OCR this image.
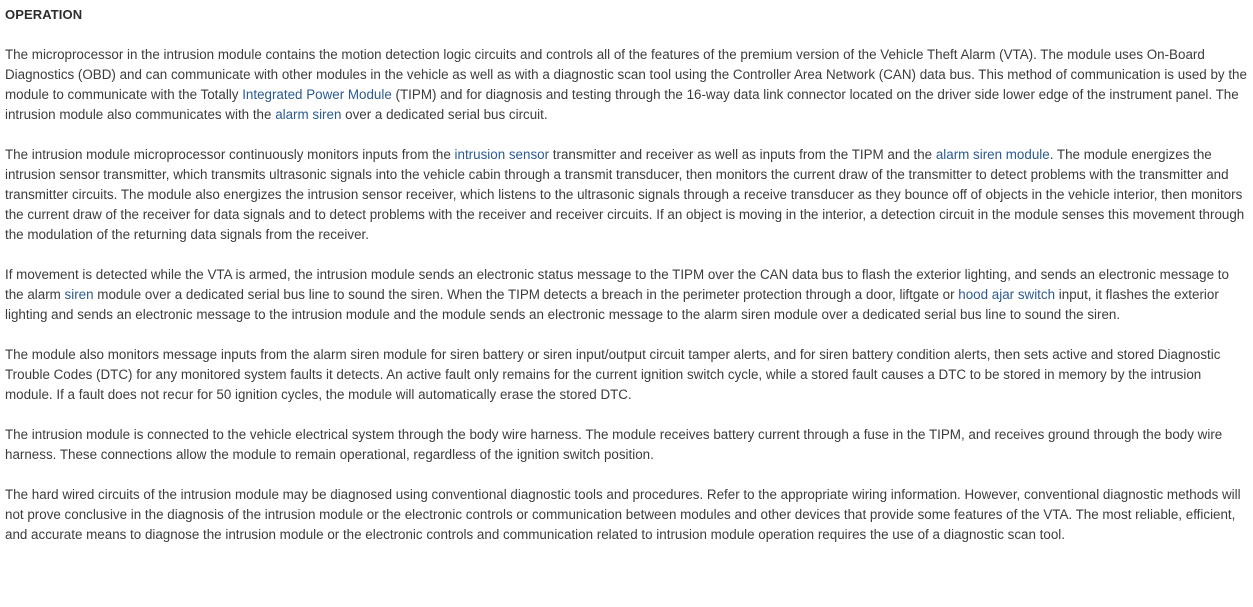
OPERATION

The microprocessor in the intrusion module contains the motion detection logic circuits and controls all of the features of the premium version of the Vehicle Theft Alarm (VTA). The module uses On-Board Diagnostics (OBD) and can communicate with other modules in the vehicle as well as with a diagnostic scan tool using the Controller Area Network (CAN) data bus. This method of communication is used by the module to communicate with the Totally Integrated Power Module (TIPM) and for diagnosis and testing through the 16-way data link connector located on the driver side lower edge of the instrument panel. The intrusion module also communicates with the alarm siren over a dedicated serial bus circuit.

The intrusion module microprocessor continuously monitors inputs from the intrusion sensor transmitter and receiver as well as inputs from the TIPM and the alarm siren module. The module energizes the intrusion sensor transmitter, which transmits ultrasonic signals into the vehicle cabin through a transmit transducer, then monitors the current draw of the transmitter to detect problems with the transmitter and transmitter circuits. The module also energizes the intrusion sensor receiver, which listens to the ultrasonic signals through a receive transducer as they bounce off of objects in the vehicle interior, then monitors the current draw of the receiver for data signals and to detect problems with the receiver and receiver circuits. If an object is moving in the interior, a detection circuit in the module senses this movement through the modulation of the returning data signals from the receiver.

If movement is detected while the VTA is armed, the intrusion module sends an electronic status message to the TIPM over the CAN data bus to flash the exterior lighting, and sends an electronic message to the alarm siren module over a dedicated serial bus line to sound the siren. When the TIPM detects a breach in the perimeter protection through a door, liftgate or hood ajar switch input, it flashes the exterior lighting and sends an electronic message to the intrusion module and the module sends an electronic message to the alarm siren module over a dedicated serial bus line to sound the siren.

The module also monitors message inputs from the alarm siren module for siren battery or siren input/output circuit tamper alerts, and for siren battery condition alerts, then sets active and stored Diagnostic Trouble Codes (DTC) for any monitored system faults it detects. An active fault only remains for the current ignition switch cycle, while a stored fault causes a DTC to be stored in memory by the intrusion module. If a fault does not recur for 50 ignition cycles, the module will automatically erase the stored DTC.

The intrusion module is connected to the vehicle electrical system through the body wire harness. The module receives battery current through a fuse in the TIPM, and receives ground through the body wire harness. These connections allow the module to remain operational, regardless of the ignition switch position.

The hard wired circuits of the intrusion module may be diagnosed using conventional diagnostic tools and procedures. Refer to the appropriate wiring information. However, conventional diagnostic methods will not prove conclusive in the diagnosis of the intrusion module or the electronic controls or communication between modules and other devices that provide some features of the VTA. The most reliable, efficient, and accurate means to diagnose the intrusion module or the electronic controls and communication related to intrusion module operation requires the use of a diagnostic scan tool.
